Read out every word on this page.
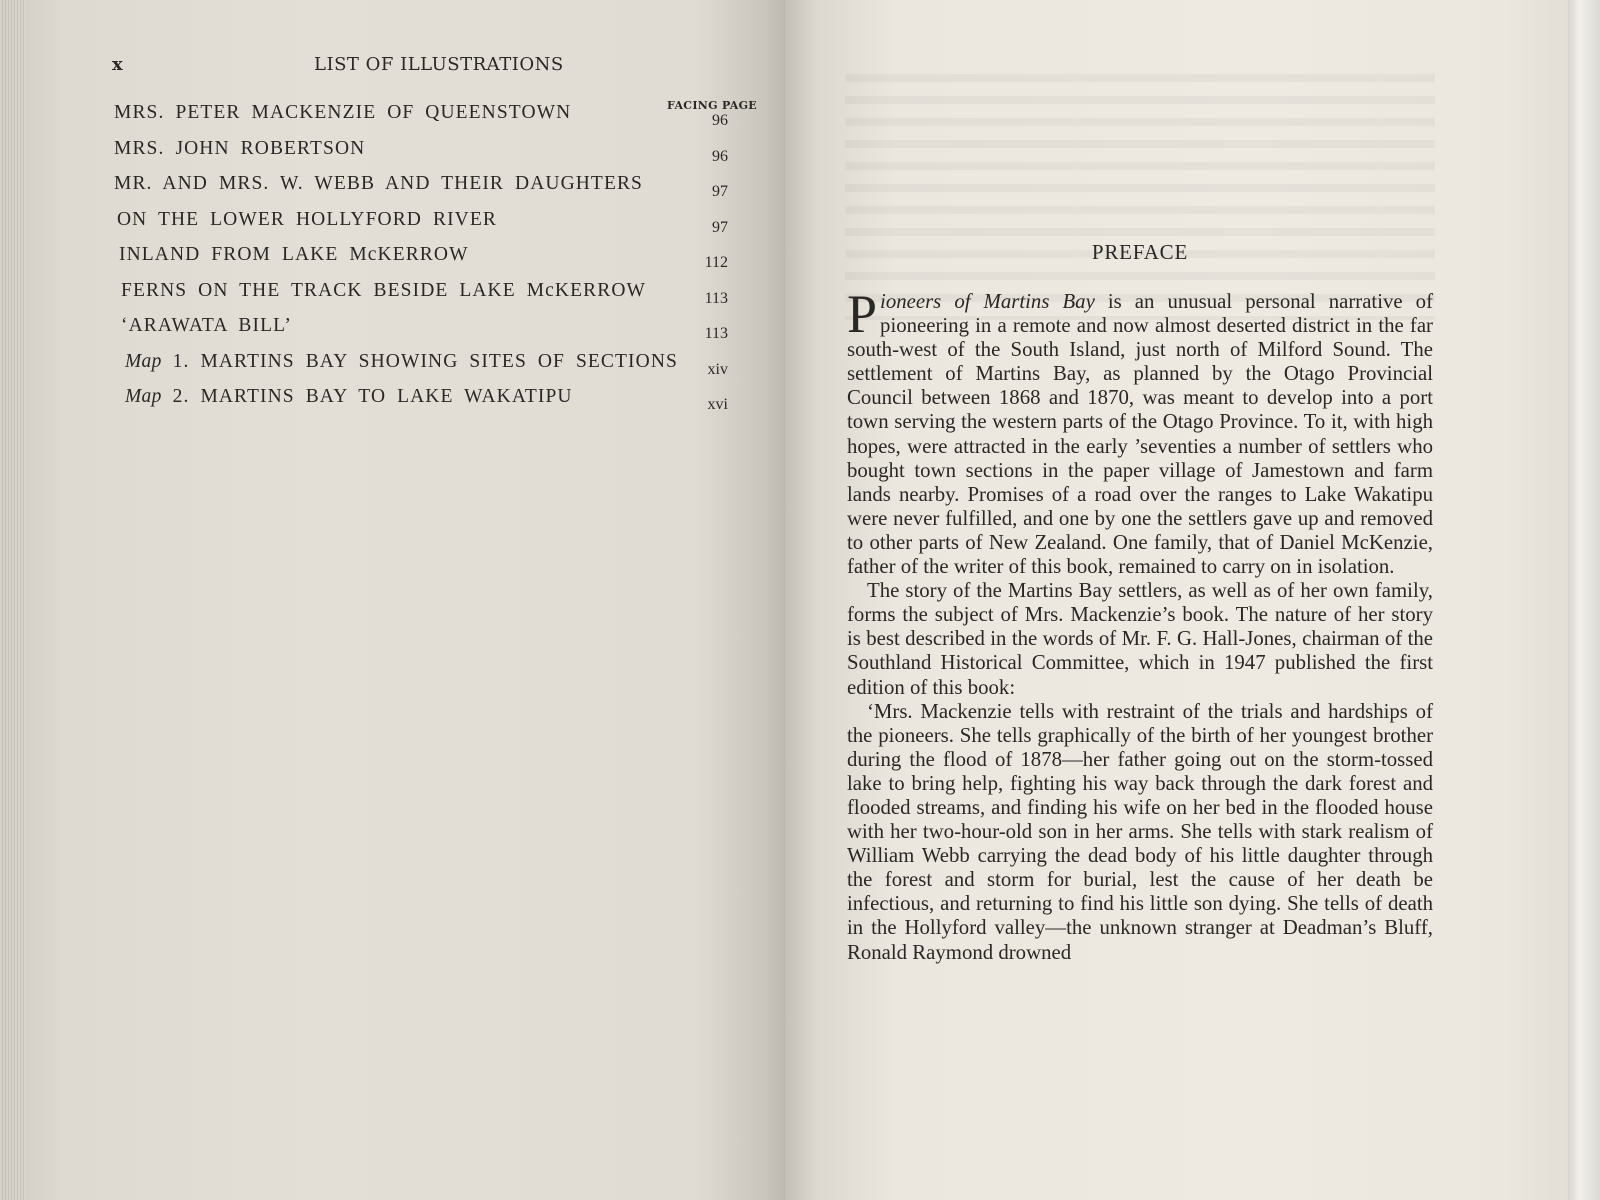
x	LIST OF ILLUSTRATIONS
FACING PAGE
MRS. PETER MACKENZIE OF QUEENSTOWN	96
MRS. JOHN ROBERTSON	96
MR. AND MRS. W. WEBB AND THEIR DAUGHTERS	97
ON THE LOWER HOLLYFORD RIVER	97
INLAND FROM LAKE McKERROW	112
FERNS ON THE TRACK BESIDE LAKE McKERROW	113
‘ARAWATA BILL’	113
Map 1. MARTINS BAY SHOWING SITES OF SECTIONS	xiv
Map 2. MARTINS BAY TO LAKE WAKATIPU	xvi
PREFACE

Pioneers of Martins Bay is an unusual personal narrative of pioneering in a remote and now almost deserted district in the far south-west of the South Island, just north of Milford Sound. The settlement of Martins Bay, as planned by the Otago Provincial Council between 1868 and 1870, was meant to develop into a port town serving the western parts of the Otago Province. To it, with high hopes, were attracted in the early ’seventies a number of settlers who bought town sections in the paper village of Jamestown and farm lands nearby. Promises of a road over the ranges to Lake Wakatipu were never fulfilled, and one by one the settlers gave up and removed to other parts of New Zealand. One family, that of Daniel McKenzie, father of the writer of this book, remained to carry on in isolation.

The story of the Martins Bay settlers, as well as of her own family, forms the subject of Mrs. Mackenzie’s book. The nature of her story is best described in the words of Mr. F. G. Hall-Jones, chairman of the Southland Historical Committee, which in 1947 published the first edition of this book:

‘Mrs. Mackenzie tells with restraint of the trials and hardships of the pioneers. She tells graphically of the birth of her youngest brother during the flood of 1878—her father going out on the storm-tossed lake to bring help, fighting his way back through the dark forest and flooded streams, and finding his wife on her bed in the flooded house with her two-hour-old son in her arms. She tells with stark realism of William Webb carrying the dead body of his little daughter through the forest and storm for burial, lest the cause of her death be infectious, and returning to find his little son dying. She tells of death in the Hollyford valley—the unknown stranger at Deadman’s Bluff, Ronald Raymond drowned
